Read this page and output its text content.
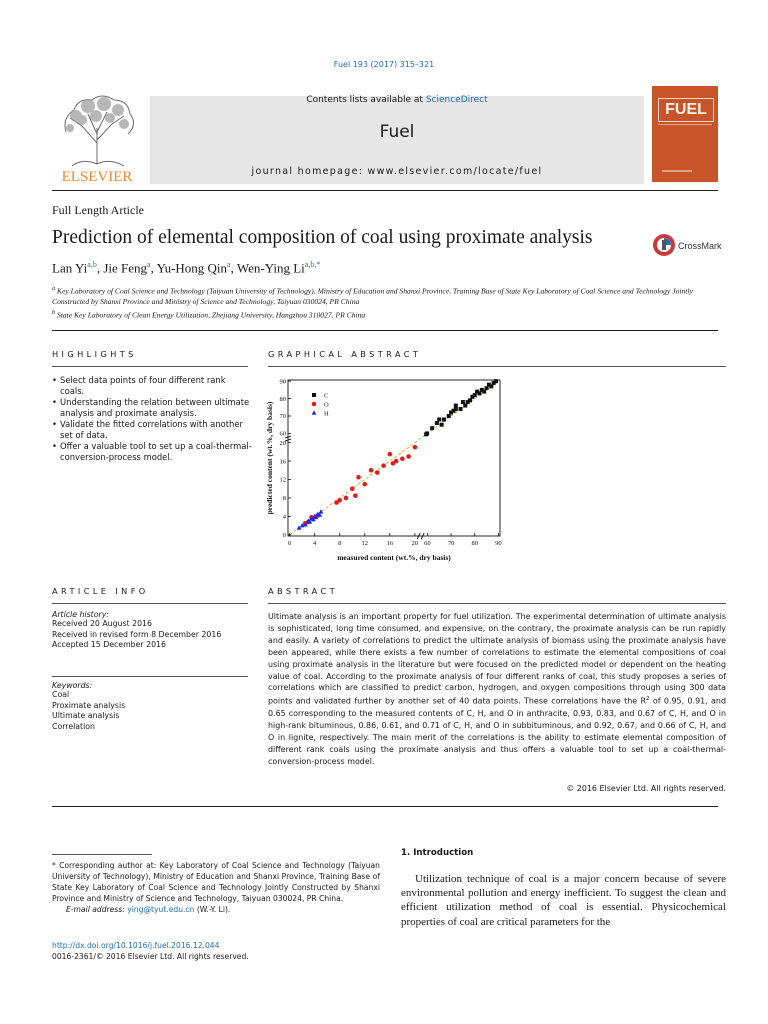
Fuel 193 (2017) 315–321
Contents lists available at ScienceDirect
Fuel
journal homepage: www.elsevier.com/locate/fuel
ELSEVIER
FUEL
Full Length Article
Prediction of elemental composition of coal using proximate analysis	CrossMark
Lan Yi$^{a,b}$, Jie Feng$^a$, Yu-Hong Qin$^a$, Wen-Ying $Li^{a,b,*}$
$^a$ Key Laboratory of Coal Science and Technology (Taiyuan University of Technology), Ministry of Education and Shanxi Province, Training Base of State Key Laboratory of Coal Science and Technology Jointly Constructed by Shanxi Province and Ministry of Science and Technology, Taiyuan 030024, PR China
$^b$ State Key Laboratory of Clean Energy Utilization, Zhejiang University, Hangzhou 310027, PR China
HIGHLIGHTS
• Select data points of four different rank coals.
• Understanding the relation between ultimate analysis and proximate analysis.
• Validate the fitted correlations with another set of data.
• Offer a valuable tool to set up a coal-thermal-conversion-process model.
GRAPHICAL ABSTRACT
0	4	8	12	16	20 60	70	80	90
0
4
8
12
16
20
60
70
80
90
C
O
H
measured content (wt.%, dry basis)
predicted content (wt.%, dry basis)
ARTICLE INFO
Article history:
Received 20 August 2016
Received in revised form 8 December 2016
Accepted 15 December 2016
Keywords:
Coal
Proximate analysis
Ultimate analysis
Correlation
ABSTRACT
Ultimate analysis is an important property for fuel utilization. The experimental determination of ultimate analysis is sophisticated, long time consumed, and expensive, on the contrary, the proximate analysis can be run rapidly and easily. A variety of correlations to predict the ultimate analysis of biomass using the proximate analysis have been appeared, while there exists a few number of correlations to estimate the elemental compositions of coal using proximate analysis in the literature but were focused on the predicted model or dependent on the heating value of coal. According to the proximate analysis of four different ranks of coal, this study proposes a series of correlations which are classified to predict carbon, hydrogen, and oxygen compositions through using 300 data points and validated further by another set of 40 data points. These correlations have the $R^2$ of 0.95, 0.91, and 0.65 corresponding to the measured contents of C, H, and O in anthracite, 0.93, 0.83, and 0.67 of C, H, and O in high-rank bituminous, 0.86, 0.61, and 0.71 of C, H, and O in subbituminous, and 0.92, 0.67, and 0.66 of C, H, and O in lignite, respectively. The main merit of the correlations is the ability to estimate elemental composition of different rank coals using the proximate analysis and thus offers a valuable tool to set up a coal-thermal-conversion-process model.
© 2016 Elsevier Ltd. All rights reserved.
* Corresponding author at: Key Laboratory of Coal Science and Technology (Taiyuan University of Technology), Ministry of Education and Shanxi Province, Training Base of State Key Laboratory of Coal Science and Technology Jointly Constructed by Shanxi Province and Ministry of Science and Technology, Taiyuan 030024, PR China.
E-mail address: ying@tyut.edu.cn (W.-Y. Li).
http://dx.doi.org/10.1016/j.fuel.2016.12.044
0016-2361/© 2016 Elsevier Ltd. All rights reserved.
1. Introduction
Utilization technique of coal is a major concern because of severe environmental pollution and energy inefficient. To suggest the clean and efficient utilization method of coal is essential. Physicochemical properties of coal are critical parameters for the
